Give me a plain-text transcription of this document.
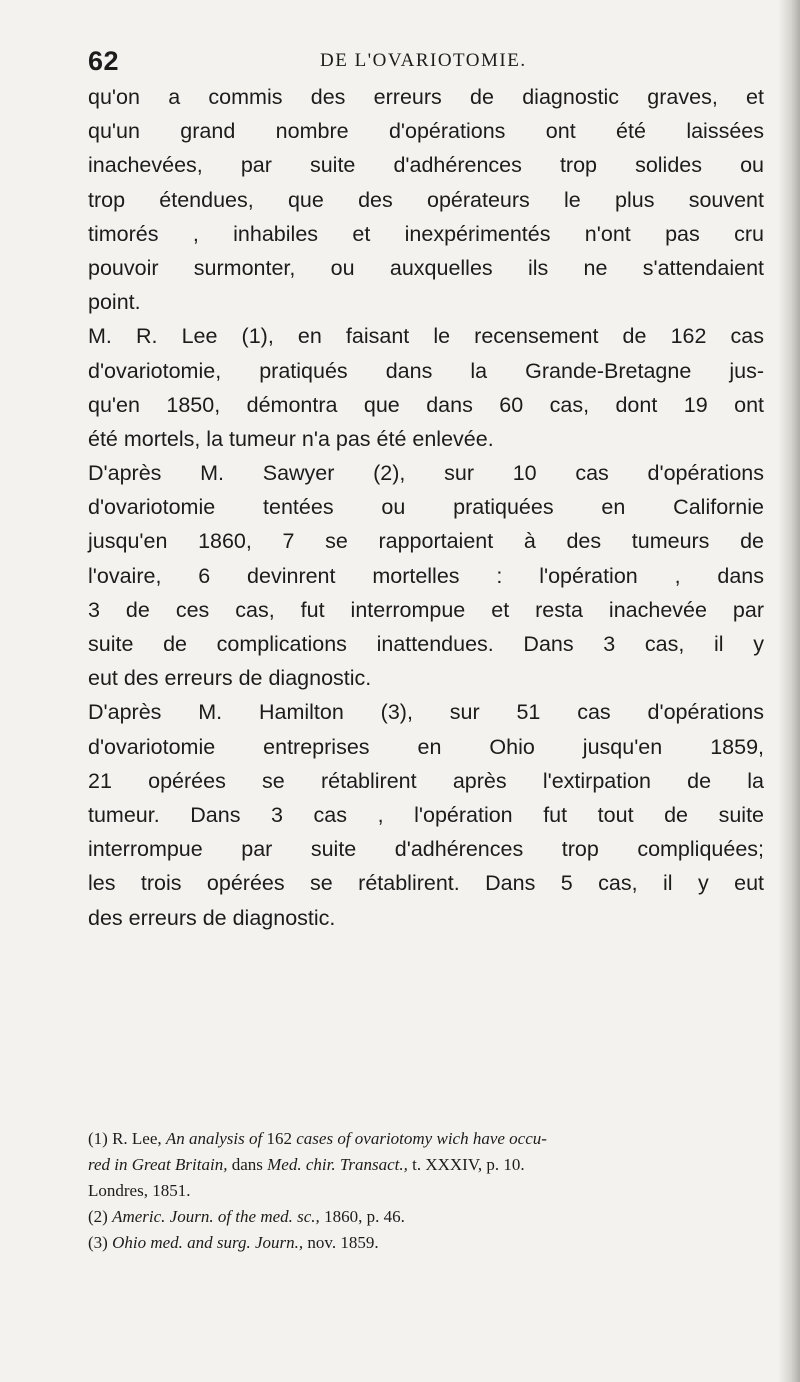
62	DE L'OVARIOTOMIE.
qu'on a commis des erreurs de diagnostic graves, et
qu'un grand nombre d'opérations ont été laissées
inachevées, par suite d'adhérences trop solides ou
trop étendues, que des opérateurs le plus souvent
timorés , inhabiles et inexpérimentés n'ont pas cru
pouvoir surmonter, ou auxquelles ils ne s'attendaient
point.
M. R. Lee (1), en faisant le recensement de 162 cas
d'ovariotomie, pratiqués dans la Grande-Bretagne jus-
qu'en 1850, démontra que dans 60 cas, dont 19 ont
été mortels, la tumeur n'a pas été enlevée.
D'après M. Sawyer (2), sur 10 cas d'opérations
d'ovariotomie tentées ou pratiquées en Californie
jusqu'en 1860, 7 se rapportaient à des tumeurs de
l'ovaire, 6 devinrent mortelles : l'opération , dans
3 de ces cas, fut interrompue et resta inachevée par
suite de complications inattendues. Dans 3 cas, il y
eut des erreurs de diagnostic.
D'après M. Hamilton (3), sur 51 cas d'opérations
d'ovariotomie entreprises en Ohio jusqu'en 1859,
21 opérées se rétablirent après l'extirpation de la
tumeur. Dans 3 cas , l'opération fut tout de suite
interrompue par suite d'adhérences trop compliquées;
les trois opérées se rétablirent. Dans 5 cas, il y eut
des erreurs de diagnostic.
(1) R. Lee, An analysis of 162 cases of ovariotomy wich have occu-
red in Great Britain, dans Med. chir. Transact., t. XXXIV, p. 10.
Londres, 1851.
(2) Americ. Journ. of the med. sc., 1860, p. 46.
(3) Ohio med. and surg. Journ., nov. 1859.
